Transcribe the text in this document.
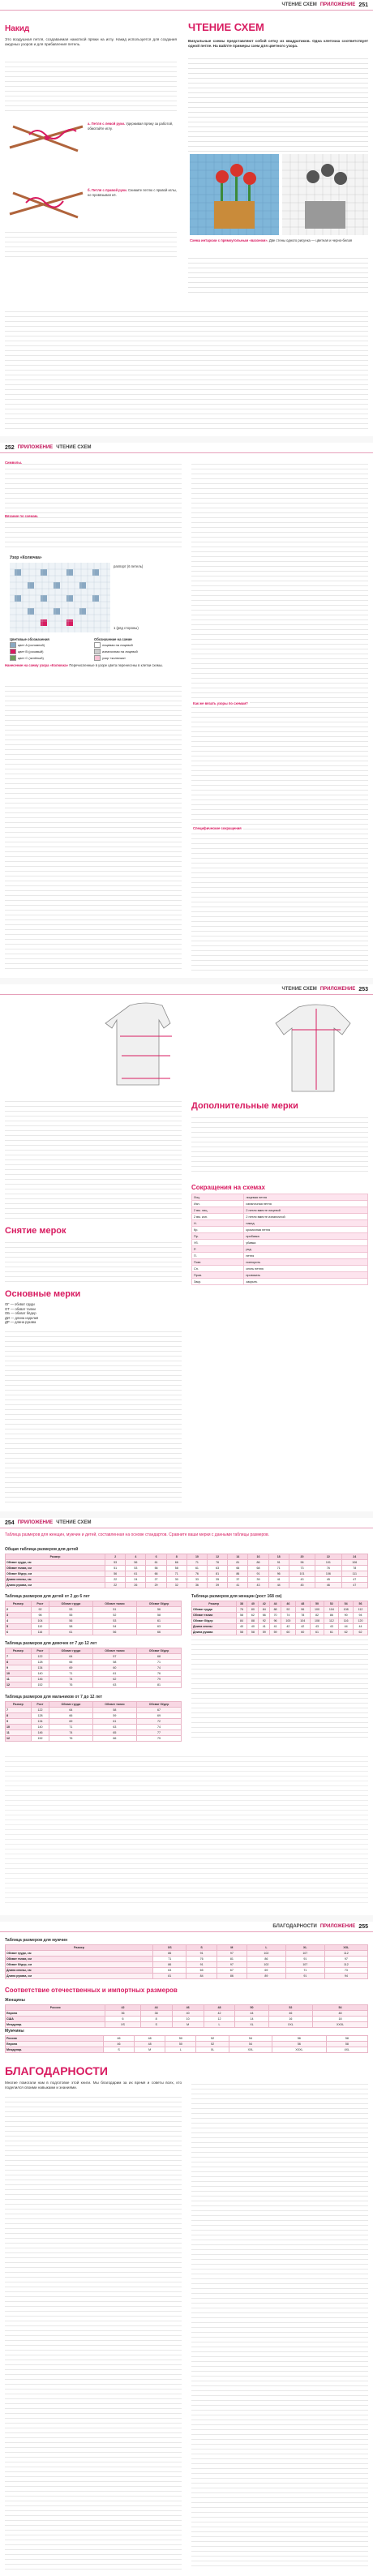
ЧТЕНИЕ СХЕМ ПРИЛОЖЕНИЕ 251
Накид
Это воздушная петля, создаваемая намоткой пряжи на иглу. Накид используется для создания ажурных узоров и для прибавления петель.
а. Петля с левой руки. Удерживая пряжу за работой, обмотайте иглу.
б. Петля с правой руки. Снимите петлю с правой иглы, не провязывая её.
ЧТЕНИЕ СХЕМ
Визуальные схемы представляют собой сетку из квадратиков. Одна клеточка соответствует одной петле. На вайлте примеры схем для цветного узора.
Схема интарсии с прямоугольным «вазоном». Две стены одного рисунка — цветная и черно-белая
252 ПРИЛОЖЕНИЕ ЧТЕНИЕ СХЕМ
Символы.
Вязание по схемам.
Узор «Колючка»
раппорт (6 петель)
1 (ряд стороны)
Цветовые обозначения
цвет A (основной)
цвет B (розовый)
цвет C (зелёный)
Обозначение на схеме
лицевая на лицевой
изнаночная на лицевой
узор «колючка»
Нанесение на схему узора «Колючка» Перечисленные в узоре цвета перенесены в клетки схемы.
Как же вязать узоры по схемам?
Специфические сокращения
ЧТЕНИЕ СХЕМ ПРИЛОЖЕНИЕ 253
Снятие мерок
Основные мерки
ОГ — обхват груди
ОТ — обхват талии
ОБ — обхват бёдер
ДИ — длина изделия
ДР — длина рукава
Дополнительные мерки
Сокращения на схемах
Лиц.	лицевая петля
Изн.	изнаночная петля
2 вм. лиц.	2 петли вместе лицевой
2 вм. изн.	2 петли вместе изнаночной
Н.	накид
Кр.	кромочная петля
Пр.	прибавка
Уб.	убавка
Р.	ряд
П.	петля
Повт.	повторить
Сн.	снять петлю
Пров.	провязать
Закр.	закрыть
254 ПРИЛОЖЕНИЕ ЧТЕНИЕ СХЕМ
Таблица размеров для женщин, мужчин и детей, составленная на основе стандартов. Сравните ваши мерки с данными таблицы размеров.
Общая таблица размеров для детей
Размер	2	4	6	8	10	12	14	16	18	20	22	24
Обхват груди, см	53	56	61	66	71	76	81	86	91	96	101	106
Обхват талии, см	51	53	56	58	61	63	66	68	71	73	76	78
Обхват бёдер, см	56	61	66	71	76	81	86	91	96	101	106	111
Длина спины, см	22	24	27	30	33	35	37	39	41	43	45	47
Длина рукава, см	22	26	29	32	36	39	41	43	44	45	46	47
Таблица размеров для детей от 2 до 6 лет
Размер	Рост	Обхват груди	Обхват талии	Обхват бёдер
2	92	53	51	56
3	98	55	52	58
4	104	56	53	61
5	110	58	54	63
6	116	61	56	66
Таблица размеров для девочек от 7 до 12 лет
Размер	Рост	Обхват груди	Обхват талии	Обхват бёдер
7	122	64	57	68
8	128	66	58	71
9	134	69	60	74
10	140	71	61	76
11	146	74	62	79
12	152	76	63	81
Таблица размеров для мальчиков от 7 до 12 лет
Размер	Рост	Обхват груди	Обхват талии	Обхват бёдер
7	122	64	58	67
8	128	66	59	69
9	134	69	61	72
10	140	71	63	74
11	146	74	65	77
12	152	76	66	79
Таблица размеров для женщин (рост 168 см)
Размер	38	40	42	44	46	48	50	52	54	56
Обхват груди	76	80	84	88	92	96	100	104	108	112
Обхват талии	58	62	66	70	74	78	82	86	90	94
Обхват бёдер	84	88	92	96	100	104	108	112	116	120
Длина спины	40	40	41	41	42	42	43	43	44	44
Длина рукава	58	58	59	59	60	60	61	61	62	62
БЛАГОДАРНОСТИ ПРИЛОЖЕНИЕ 255
Таблица размеров для мужчин
Размер	XS	S	M	L	XL	XXL
Обхват груди, см	86	91	97	102	107	112
Обхват талии, см	71	76	81	86	91	97
Обхват бёдер, см	86	91	97	102	107	112
Длина спины, см	63	65	67	69	71	73
Длина рукава, см	81	84	86	89	91	94
Соответствие отечественных и импортных размеров
Женщины
Россия	42	44	46	48	50	52	54
Европа	36	38	40	42	44	46	48
США	6	8	10	12	14	16	18
Междунар.	XS	S	M	L	XL	XXL	XXXL
Мужчины
Россия	46	48	50	52	54	56	58
Европа	46	48	50	52	54	56	58
Междунар.	S	M	L	XL	XXL	XXXL	4XL
БЛАГОДАРНОСТИ
Многие помогали нам в подготовке этой книги. Мы благодарим за их время и советы всех, кто поделился своими навыками и знаниями.
